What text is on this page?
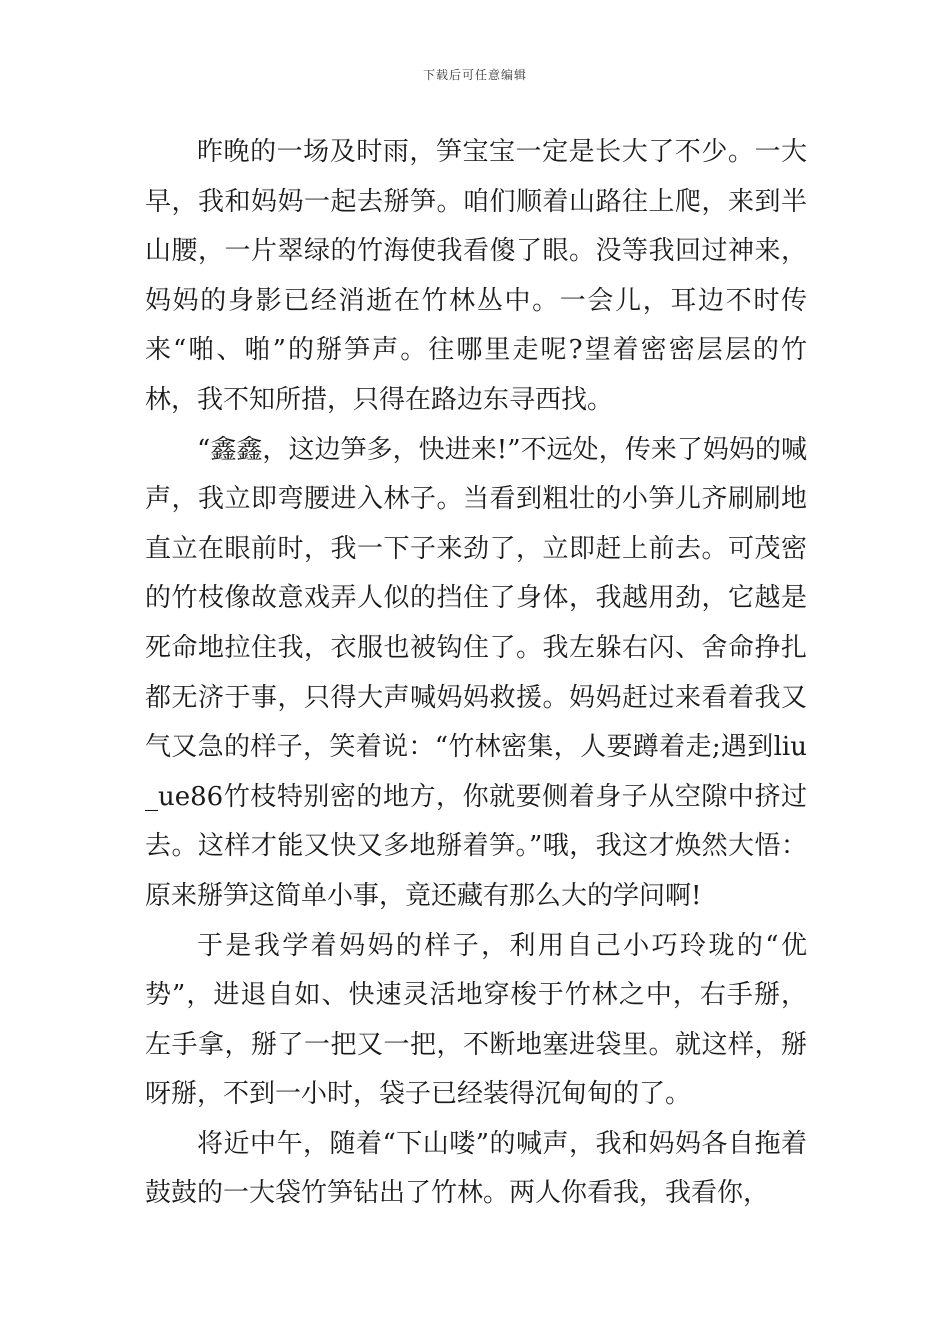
下载后可任意编辑

昨晚的一场及时雨，笋宝宝一定是长大了不少。一大早，我和妈妈一起去掰笋。咱们顺着山路往上爬，来到半山腰，一片翠绿的竹海使我看傻了眼。没等我回过神来，妈妈的身影已经消逝在竹林丛中。一会儿，耳边不时传来“啪、啪”的掰笋声。往哪里走呢?望着密密层层的竹林，我不知所措，只得在路边东寻西找。

“鑫鑫，这边笋多，快进来!”不远处，传来了妈妈的喊声，我立即弯腰进入林子。当看到粗壮的小笋儿齐刷刷地直立在眼前时，我一下子来劲了，立即赶上前去。可茂密的竹枝像故意戏弄人似的挡住了身体，我越用劲，它越是死命地拉住我，衣服也被钩住了。我左躲右闪、舍命挣扎都无济于事，只得大声喊妈妈救援。妈妈赶过来看着我又气又急的样子，笑着说：“竹林密集，人要蹲着走;遇到liu_ue86竹枝特别密的地方，你就要侧着身子从空隙中挤过去。这样才能又快又多地掰着笋。”哦，我这才焕然大悟：原来掰笋这简单小事，竟还藏有那么大的学问啊!

于是我学着妈妈的样子，利用自己小巧玲珑的“优势”，进退自如、快速灵活地穿梭于竹林之中，右手掰，左手拿，掰了一把又一把，不断地塞进袋里。就这样，掰呀掰，不到一小时，袋子已经装得沉甸甸的了。

将近中午，随着“下山喽”的喊声，我和妈妈各自拖着鼓鼓的一大袋竹笋钻出了竹林。两人你看我，我看你，
